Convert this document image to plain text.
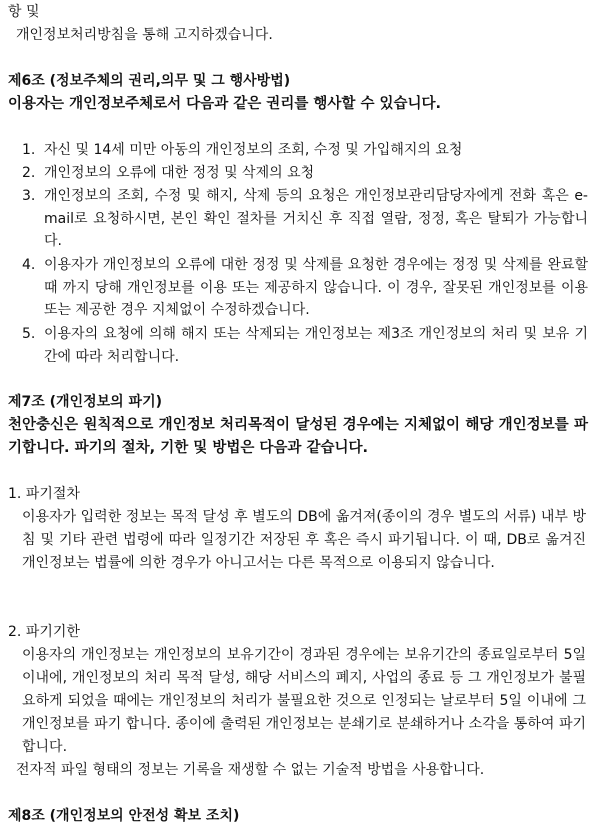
항 및

개인정보처리방침을 통해 고지하겠습니다.

제6조 (정보주체의 권리,의무 및 그 행사방법)

이용자는 개인정보주체로서 다음과 같은 권리를 행사할 수 있습니다.

1. 자신 및 14세 미만 아동의 개인정보의 조회, 수정 및 가입해지의 요청
2. 개인정보의 오류에 대한 정정 및 삭제의 요청
3. 개인정보의 조회, 수정 및 해지, 삭제 등의 요청은 개인정보관리담당자에게 전화 혹은 e-mail로 요청하시면, 본인 확인 절차를 거치신 후 직접 열람, 정정, 혹은 탈퇴가 가능합니다.
4. 이용자가 개인정보의 오류에 대한 정정 및 삭제를 요청한 경우에는 정정 및 삭제를 완료할 때 까지 당해 개인정보를 이용 또는 제공하지 않습니다. 이 경우, 잘못된 개인정보를 이용 또는 제공한 경우 지체없이 수정하겠습니다.
5. 이용자의 요청에 의해 해지 또는 삭제되는 개인정보는 제3조 개인정보의 처리 및 보유 기간에 따라 처리합니다.
제7조 (개인정보의 파기)

천안충신은 원칙적으로 개인정보 처리목적이 달성된 경우에는 지체없이 해당 개인정보를 파기합니다. 파기의 절차, 기한 및 방법은 다음과 같습니다.

1. 파기절차

이용자가 입력한 정보는 목적 달성 후 별도의 DB에 옮겨져(종이의 경우 별도의 서류) 내부 방침 및 기타 관련 법령에 따라 일정기간 저장된 후 혹은 즉시 파기됩니다. 이 때, DB로 옮겨진 개인정보는 법률에 의한 경우가 아니고서는 다른 목적으로 이용되지 않습니다.

2. 파기기한

이용자의 개인정보는 개인정보의 보유기간이 경과된 경우에는 보유기간의 종료일로부터 5일 이내에, 개인정보의 처리 목적 달성, 해당 서비스의 폐지, 사업의 종료 등 그 개인정보가 불필요하게 되었을 때에는 개인정보의 처리가 불필요한 것으로 인정되는 날로부터 5일 이내에 그 개인정보를 파기 합니다. 종이에 출력된 개인정보는 분쇄기로 분쇄하거나 소각을 통하여 파기합니다.

전자적 파일 형태의 정보는 기록을 재생할 수 없는 기술적 방법을 사용합니다.

제8조 (개인정보의 안전성 확보 조치)
